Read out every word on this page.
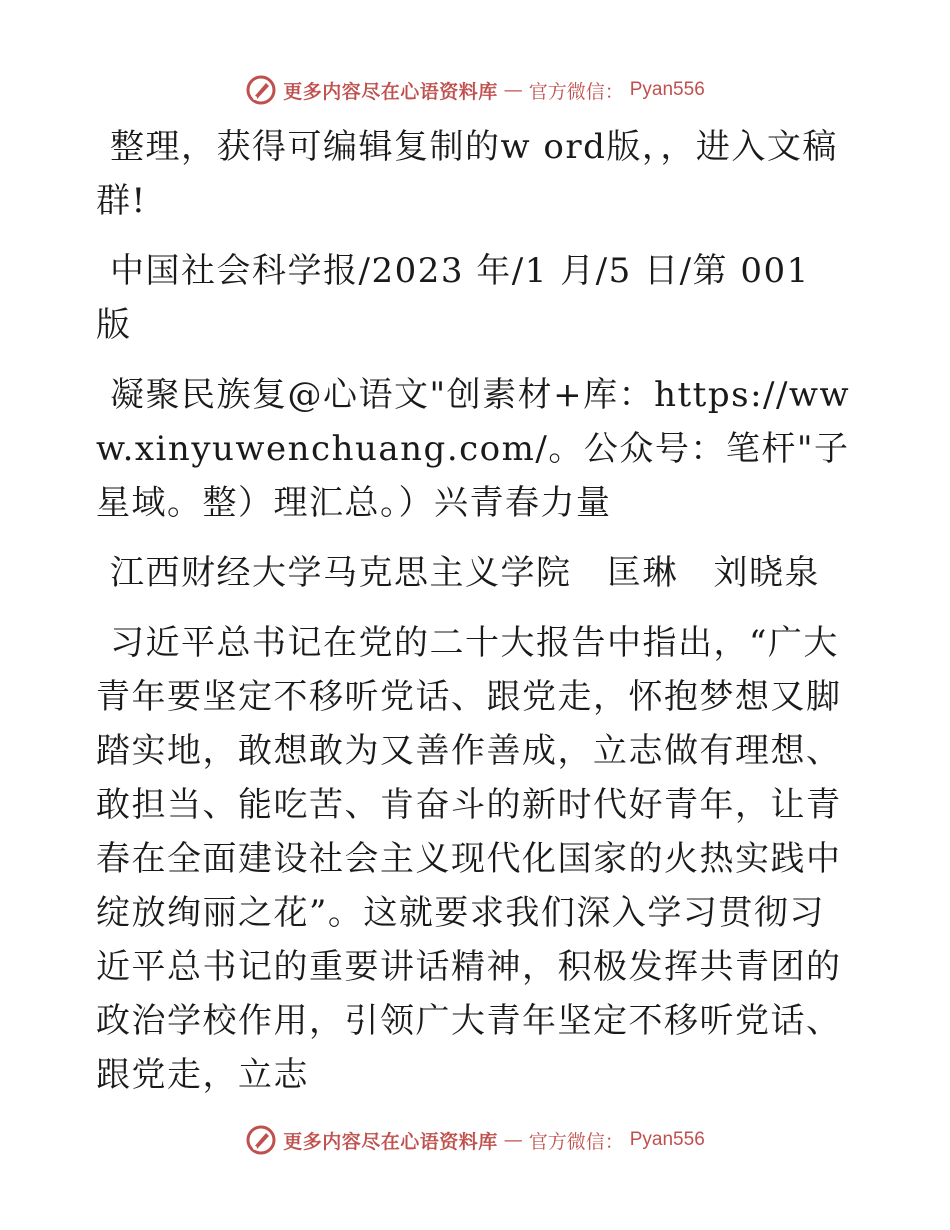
更多内容尽在心语资料库 — 官方微信： Pyan556

整理，获得可编辑复制的w ord版，，进入文稿群!

中国社会科学报/2023 年/1 月/5 日/第 001 版

凝聚民族复@心语文"创素材+库：https://www.xinyuwenchuang.com/。公众号：笔杆"子星域。整）理汇总。）兴青春力量

江西财经大学马克思主义学院　匡琳　刘晓泉

习近平总书记在党的二十大报告中指出，“广大青年要坚定不移听党话、跟党走，怀抱梦想又脚踏实地，敢想敢为又善作善成，立志做有理想、敢担当、能吃苦、肯奋斗的新时代好青年，让青春在全面建设社会主义现代化国家的火热实践中绽放绚丽之花”。这就要求我们深入学习贯彻习近平总书记的重要讲话精神，积极发挥共青团的政治学校作用，引领广大青年坚定不移听党话、跟党走，立志

更多内容尽在心语资料库 — 官方微信： Pyan556
